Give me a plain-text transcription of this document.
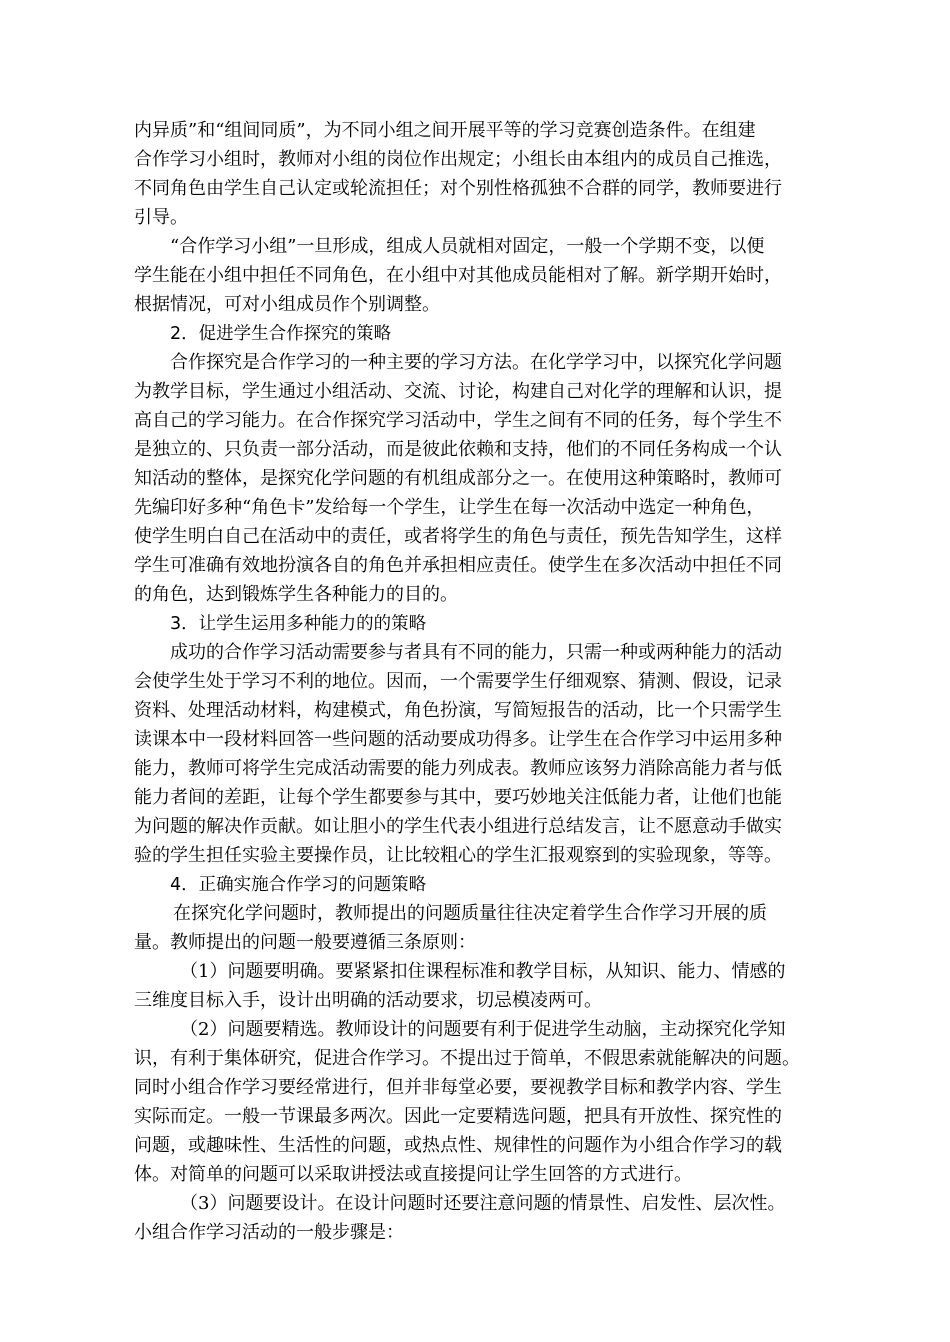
内异质”和“组间同质”，为不同小组之间开展平等的学习竞赛创造条件。在组建
合作学习小组时，教师对小组的岗位作出规定；小组长由本组内的成员自己推选，
不同角色由学生自己认定或轮流担任；对个别性格孤独不合群的同学，教师要进行
引导。
“合作学习小组”一旦形成，组成人员就相对固定，一般一个学期不变，以便
学生能在小组中担任不同角色，在小组中对其他成员能相对了解。新学期开始时，
根据情况，可对小组成员作个别调整。
2．促进学生合作探究的策略
合作探究是合作学习的一种主要的学习方法。在化学学习中，以探究化学问题
为教学目标，学生通过小组活动、交流、讨论，构建自己对化学的理解和认识，提
高自己的学习能力。在合作探究学习活动中，学生之间有不同的任务，每个学生不
是独立的、只负责一部分活动，而是彼此依赖和支持，他们的不同任务构成一个认
知活动的整体，是探究化学问题的有机组成部分之一。在使用这种策略时，教师可
先编印好多种“角色卡”发给每一个学生，让学生在每一次活动中选定一种角色，
使学生明白自己在活动中的责任，或者将学生的角色与责任，预先告知学生，这样
学生可准确有效地扮演各自的角色并承担相应责任。使学生在多次活动中担任不同
的角色，达到锻炼学生各种能力的目的。
3．让学生运用多种能力的的策略
成功的合作学习活动需要参与者具有不同的能力，只需一种或两种能力的活动
会使学生处于学习不利的地位。因而，一个需要学生仔细观察、猜测、假设，记录
资料、处理活动材料，构建模式，角色扮演，写简短报告的活动，比一个只需学生
读课本中一段材料回答一些问题的活动要成功得多。让学生在合作学习中运用多种
能力，教师可将学生完成活动需要的能力列成表。教师应该努力消除高能力者与低
能力者间的差距，让每个学生都要参与其中，要巧妙地关注低能力者，让他们也能
为问题的解决作贡献。如让胆小的学生代表小组进行总结发言，让不愿意动手做实
验的学生担任实验主要操作员，让比较粗心的学生汇报观察到的实验现象，等等。
4．正确实施合作学习的问题策略
在探究化学问题时，教师提出的问题质量往往决定着学生合作学习开展的质
量。教师提出的问题一般要遵循三条原则：
（1）问题要明确。要紧紧扣住课程标准和教学目标，从知识、能力、情感的
三维度目标入手，设计出明确的活动要求，切忌模凌两可。
（2）问题要精选。教师设计的问题要有利于促进学生动脑，主动探究化学知
识，有利于集体研究，促进合作学习。不提出过于简单，不假思索就能解决的问题。
同时小组合作学习要经常进行，但并非每堂必要，要视教学目标和教学内容、学生
实际而定。一般一节课最多两次。因此一定要精选问题，把具有开放性、探究性的
问题，或趣味性、生活性的问题，或热点性、规律性的问题作为小组合作学习的载
体。对简单的问题可以采取讲授法或直接提问让学生回答的方式进行。
（3）问题要设计。在设计问题时还要注意问题的情景性、启发性、层次性。
小组合作学习活动的一般步骤是：
